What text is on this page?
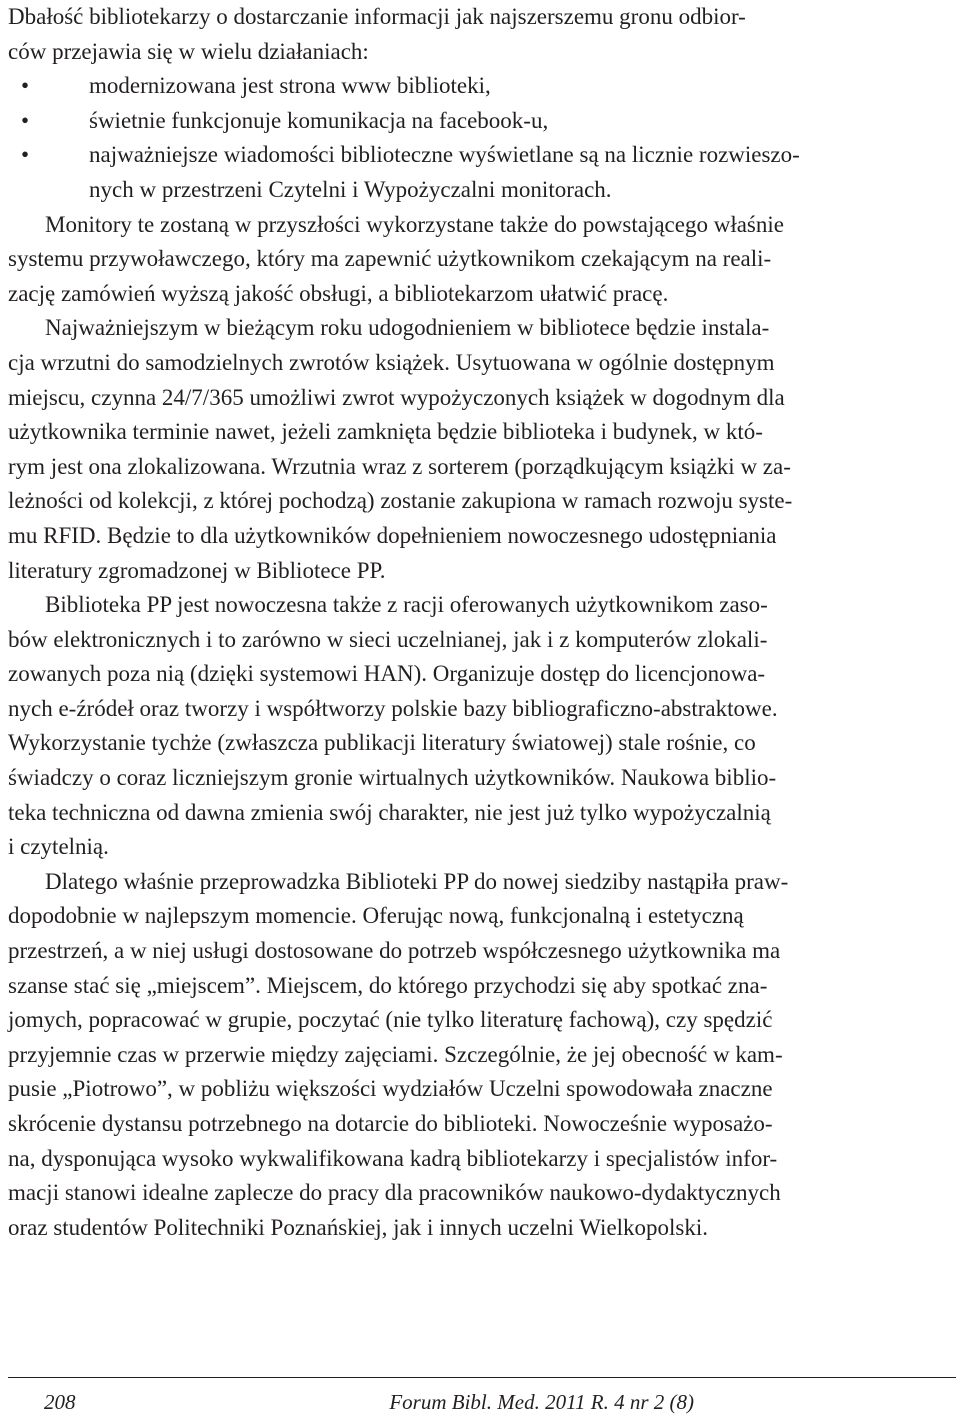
Dbałość bibliotekarzy o dostarczanie informacji jak najszerszemu gronu odbior-
ców przejawia się w wielu działaniach:
•	modernizowana jest strona www biblioteki,
•	świetnie funkcjonuje komunikacja na facebook-u,
•	najważniejsze wiadomości biblioteczne wyświetlane są na licznie rozwieszo-
nych w przestrzeni Czytelni i Wypożyczalni monitorach.
Monitory te zostaną w przyszłości wykorzystane także do powstającego właśnie
systemu przywoławczego, który ma zapewnić użytkownikom czekającym na reali-
zację zamówień wyższą jakość obsługi, a bibliotekarzom ułatwić pracę.
Najważniejszym w bieżącym roku udogodnieniem w bibliotece będzie instala-
cja wrzutni do samodzielnych zwrotów książek. Usytuowana w ogólnie dostępnym
miejscu, czynna 24/7/365 umożliwi zwrot wypożyczonych książek w dogodnym dla
użytkownika terminie nawet, jeżeli zamknięta będzie biblioteka i budynek, w któ-
rym jest ona zlokalizowana. Wrzutnia wraz z sorterem (porządkującym książki w za-
leżności od kolekcji, z której pochodzą) zostanie zakupiona w ramach rozwoju syste-
mu RFID. Będzie to dla użytkowników dopełnieniem nowoczesnego udostępniania
literatury zgromadzonej w Bibliotece PP.
Biblioteka PP jest nowoczesna także z racji oferowanych użytkownikom zaso-
bów elektronicznych i to zarówno w sieci uczelnianej, jak i z komputerów zlokali-
zowanych poza nią (dzięki systemowi HAN). Organizuje dostęp do licencjonowa-
nych e-źródeł oraz tworzy i współtworzy polskie bazy bibliograficzno-abstraktowe.
Wykorzystanie tychże (zwłaszcza publikacji literatury światowej) stale rośnie, co
świadczy o coraz liczniejszym gronie wirtualnych użytkowników. Naukowa biblio-
teka techniczna od dawna zmienia swój charakter, nie jest już tylko wypożyczalnią
i czytelnią.
Dlatego właśnie przeprowadzka Biblioteki PP do nowej siedziby nastąpiła praw-
dopodobnie w najlepszym momencie. Oferując nową, funkcjonalną i estetyczną
przestrzeń, a w niej usługi dostosowane do potrzeb współczesnego użytkownika ma
szanse stać się „miejscem”. Miejscem, do którego przychodzi się aby spotkać zna-
jomych, popracować w grupie, poczytać (nie tylko literaturę fachową), czy spędzić
przyjemnie czas w przerwie między zajęciami. Szczególnie, że jej obecność w kam-
pusie „Piotrowo”, w pobliżu większości wydziałów Uczelni spowodowała znaczne
skrócenie dystansu potrzebnego na dotarcie do biblioteki. Nowocześnie wyposażo-
na, dysponująca wysoko wykwalifikowana kadrą bibliotekarzy i specjalistów infor-
macji stanowi idealne zaplecze do pracy dla pracowników naukowo-dydaktycznych
oraz studentów Politechniki Poznańskiej, jak i innych uczelni Wielkopolski.
208	Forum Bibl. Med. 2011 R. 4 nr 2 (8)
